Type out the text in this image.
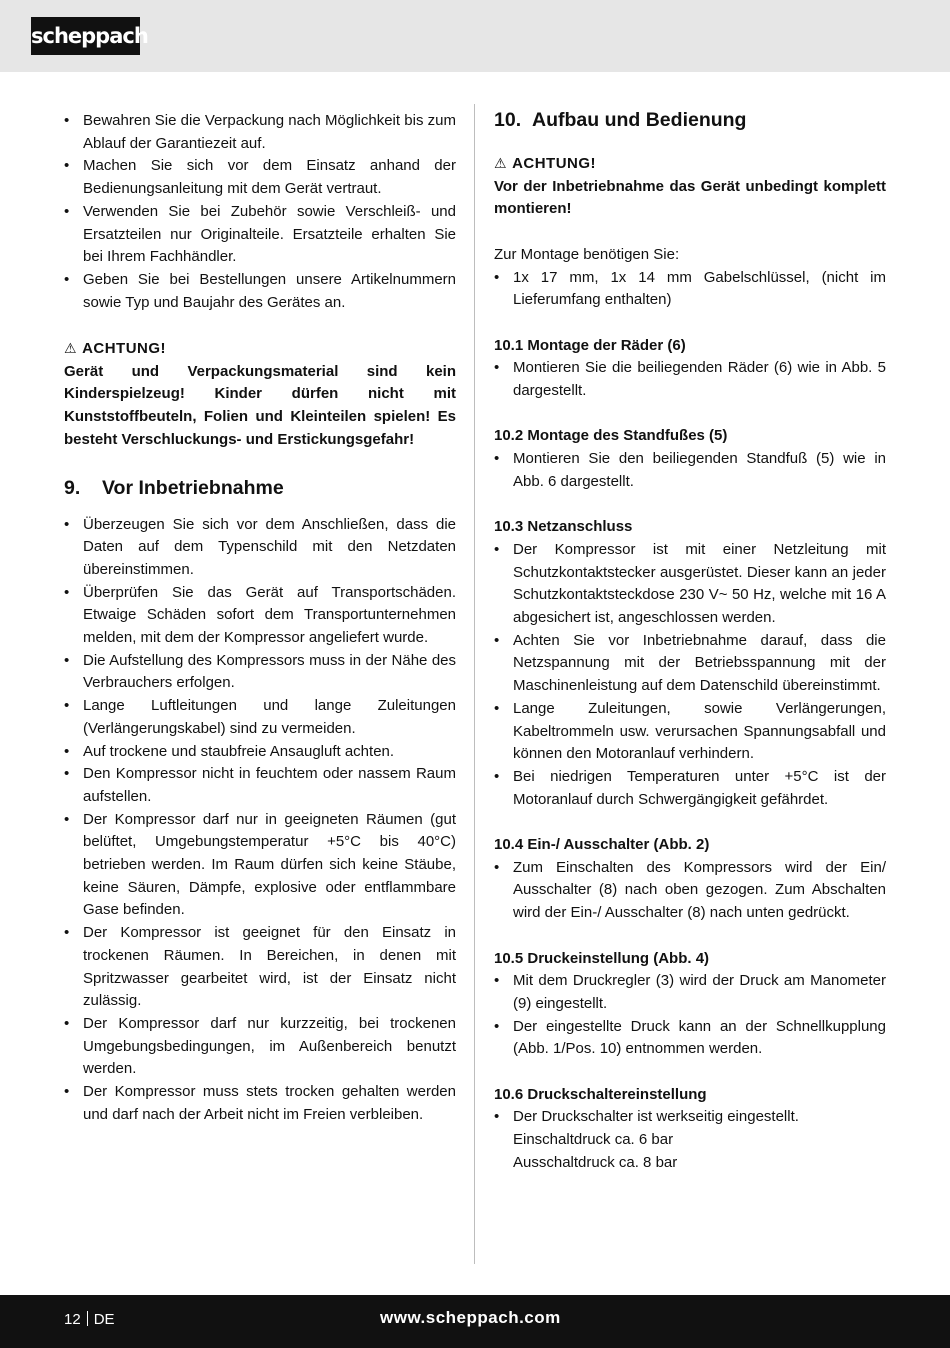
scheppach
• Bewahren Sie die Verpackung nach Möglichkeit bis zum Ablauf der Garantiezeit auf.
• Machen Sie sich vor dem Einsatz anhand der Bedienungsanleitung mit dem Gerät vertraut.
• Verwenden Sie bei Zubehör sowie Verschleiß- und Ersatzteilen nur Originalteile. Ersatzteile erhalten Sie bei Ihrem Fachhändler.
• Geben Sie bei Bestellungen unsere Artikelnummern sowie Typ und Baujahr des Gerätes an.
⚠ ACHTUNG!
Gerät und Verpackungsmaterial sind kein Kinderspielzeug! Kinder dürfen nicht mit Kunststoffbeuteln, Folien und Kleinteilen spielen! Es besteht Verschluckungs- und Erstickungsgefahr!
9. Vor Inbetriebnahme
• Überzeugen Sie sich vor dem Anschließen, dass die Daten auf dem Typenschild mit den Netzdaten übereinstimmen.
• Überprüfen Sie das Gerät auf Transportschäden. Etwaige Schäden sofort dem Transportunternehmen melden, mit dem der Kompressor angeliefert wurde.
• Die Aufstellung des Kompressors muss in der Nähe des Verbrauchers erfolgen.
• Lange Luftleitungen und lange Zuleitungen (Verlängerungskabel) sind zu vermeiden.
• Auf trockene und staubfreie Ansaugluft achten.
• Den Kompressor nicht in feuchtem oder nassem Raum aufstellen.
• Der Kompressor darf nur in geeigneten Räumen (gut belüftet, Umgebungstemperatur +5°C bis 40°C) betrieben werden. Im Raum dürfen sich keine Stäube, keine Säuren, Dämpfe, explosive oder entflammbare Gase befinden.
• Der Kompressor ist geeignet für den Einsatz in trockenen Räumen. In Bereichen, in denen mit Spritzwasser gearbeitet wird, ist der Einsatz nicht zulässig.
• Der Kompressor darf nur kurzzeitig, bei trockenen Umgebungsbedingungen, im Außenbereich benutzt werden.
• Der Kompressor muss stets trocken gehalten werden und darf nach der Arbeit nicht im Freien verbleiben.
10. Aufbau und Bedienung
⚠ ACHTUNG!
Vor der Inbetriebnahme das Gerät unbedingt komplett montieren!
Zur Montage benötigen Sie:
• 1x 17 mm, 1x 14 mm Gabelschlüssel, (nicht im Lieferumfang enthalten)
10.1 Montage der Räder (6)
• Montieren Sie die beiliegenden Räder (6) wie in Abb. 5 dargestellt.
10.2 Montage des Standfußes (5)
• Montieren Sie den beiliegenden Standfuß (5) wie in Abb. 6 dargestellt.
10.3 Netzanschluss
• Der Kompressor ist mit einer Netzleitung mit Schutzkontaktstecker ausgerüstet. Dieser kann an jeder Schutzkontaktsteckdose 230 V~ 50 Hz, welche mit 16 A abgesichert ist, angeschlossen werden.
• Achten Sie vor Inbetriebnahme darauf, dass die Netzspannung mit der Betriebsspannung mit der Maschinenleistung auf dem Datenschild übereinstimmt.
• Lange Zuleitungen, sowie Verlängerungen, Kabeltrommeln usw. verursachen Spannungsabfall und können den Motoranlauf verhindern.
• Bei niedrigen Temperaturen unter +5°C ist der Motoranlauf durch Schwergängigkeit gefährdet.
10.4 Ein-/ Ausschalter (Abb. 2)
• Zum Einschalten des Kompressors wird der Ein/ Ausschalter (8) nach oben gezogen. Zum Abschalten wird der Ein-/ Ausschalter (8) nach unten gedrückt.
10.5 Druckeinstellung (Abb. 4)
• Mit dem Druckregler (3) wird der Druck am Manometer (9) eingestellt.
• Der eingestellte Druck kann an der Schnellkupplung (Abb. 1/Pos. 10) entnommen werden.
10.6 Druckschaltereinstellung
• Der Druckschalter ist werkseitig eingestellt.
Einschaltdruck ca. 6 bar
Ausschaltdruck ca. 8 bar
12 DE	www.scheppach.com
